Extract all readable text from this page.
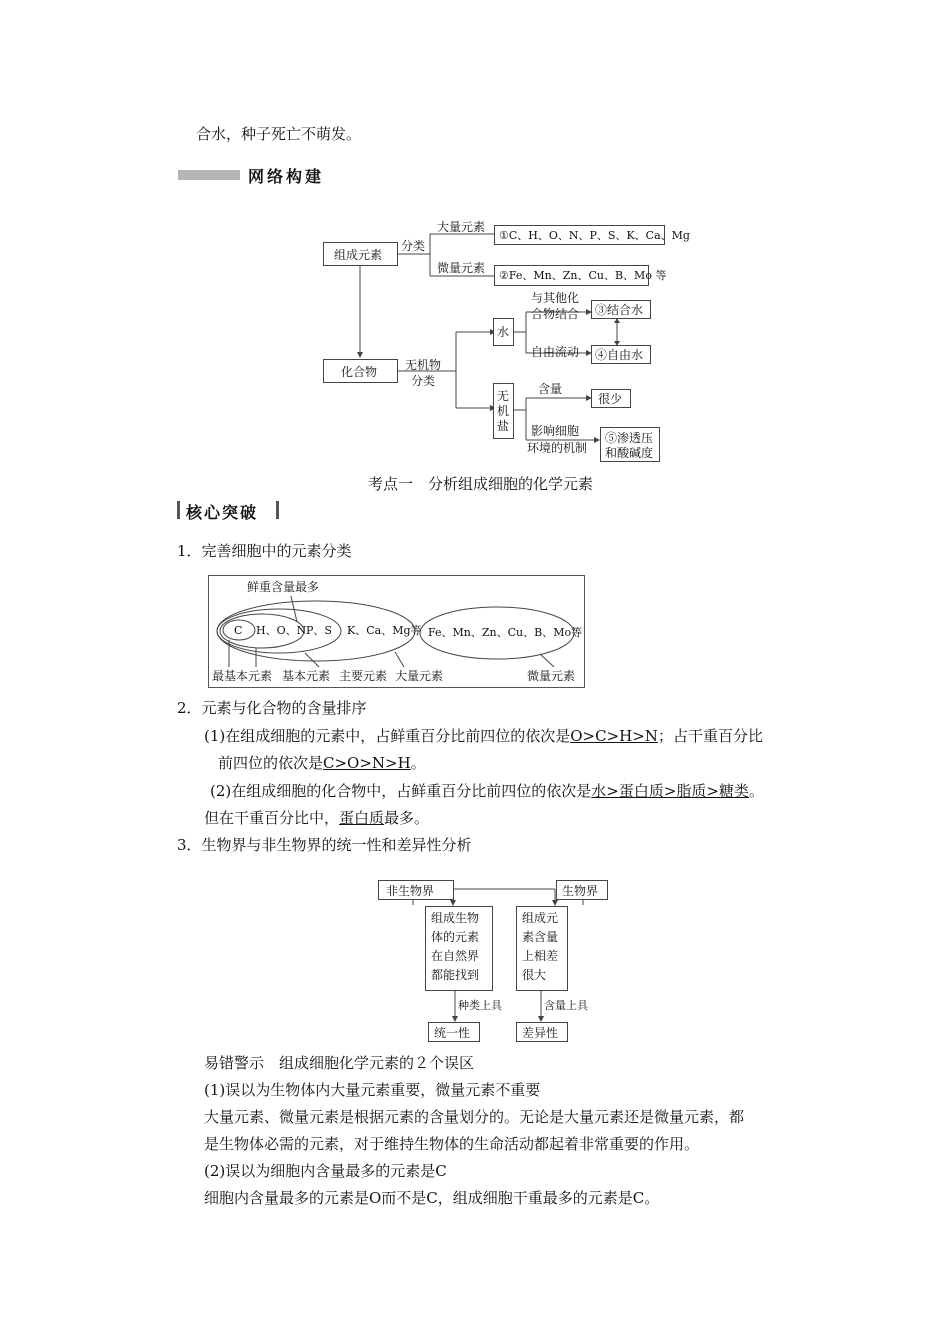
合水，种子死亡不萌发。
网络构建
组成元素
分类
大量元素
①C、H、O、N、P、S、K、Ca、Mg
微量元素
②Fe、Mn、Zn、Cu、B、Mo 等
化合物 无机物
分类
水
与其他化
合物结合 ③结合水
自由流动 ④自由水
无
机
盐
含量
很少
影响细胞
环境的机制
⑤渗透压
和酸碱度
考点一　分析组成细胞的化学元素
核心突破
1．完善细胞中的元素分类
鲜重含量最多
C H、O、N P、S K、Ca、Mg等 Fe、Mn、Zn、Cu、B、Mo等
最基本元素 基本元素 主要元素 大量元素	微量元素
2．元素与化合物的含量排序
(1)在组成细胞的元素中，占鲜重百分比前四位的依次是O>C>H>N；占干重百分比
前四位的依次是C>O>N>H。
(2)在组成细胞的化合物中，占鲜重百分比前四位的依次是水>蛋白质>脂质>糖类。
但在干重百分比中，蛋白质最多。
3．生物界与非生物界的统一性和差异性分析
非生物界	生物界
组成生物
体的元素
在自然界
都能找到
组成元
素含量
上相差
很大
种类上具	含量上具
统一性	差异性
易错警示　组成细胞化学元素的２个误区
(1)误以为生物体内大量元素重要，微量元素不重要
大量元素、微量元素是根据元素的含量划分的。无论是大量元素还是微量元素，都
是生物体必需的元素，对于维持生物体的生命活动都起着非常重要的作用。
(2)误以为细胞内含量最多的元素是C
细胞内含量最多的元素是O而不是C，组成细胞干重最多的元素是C。
